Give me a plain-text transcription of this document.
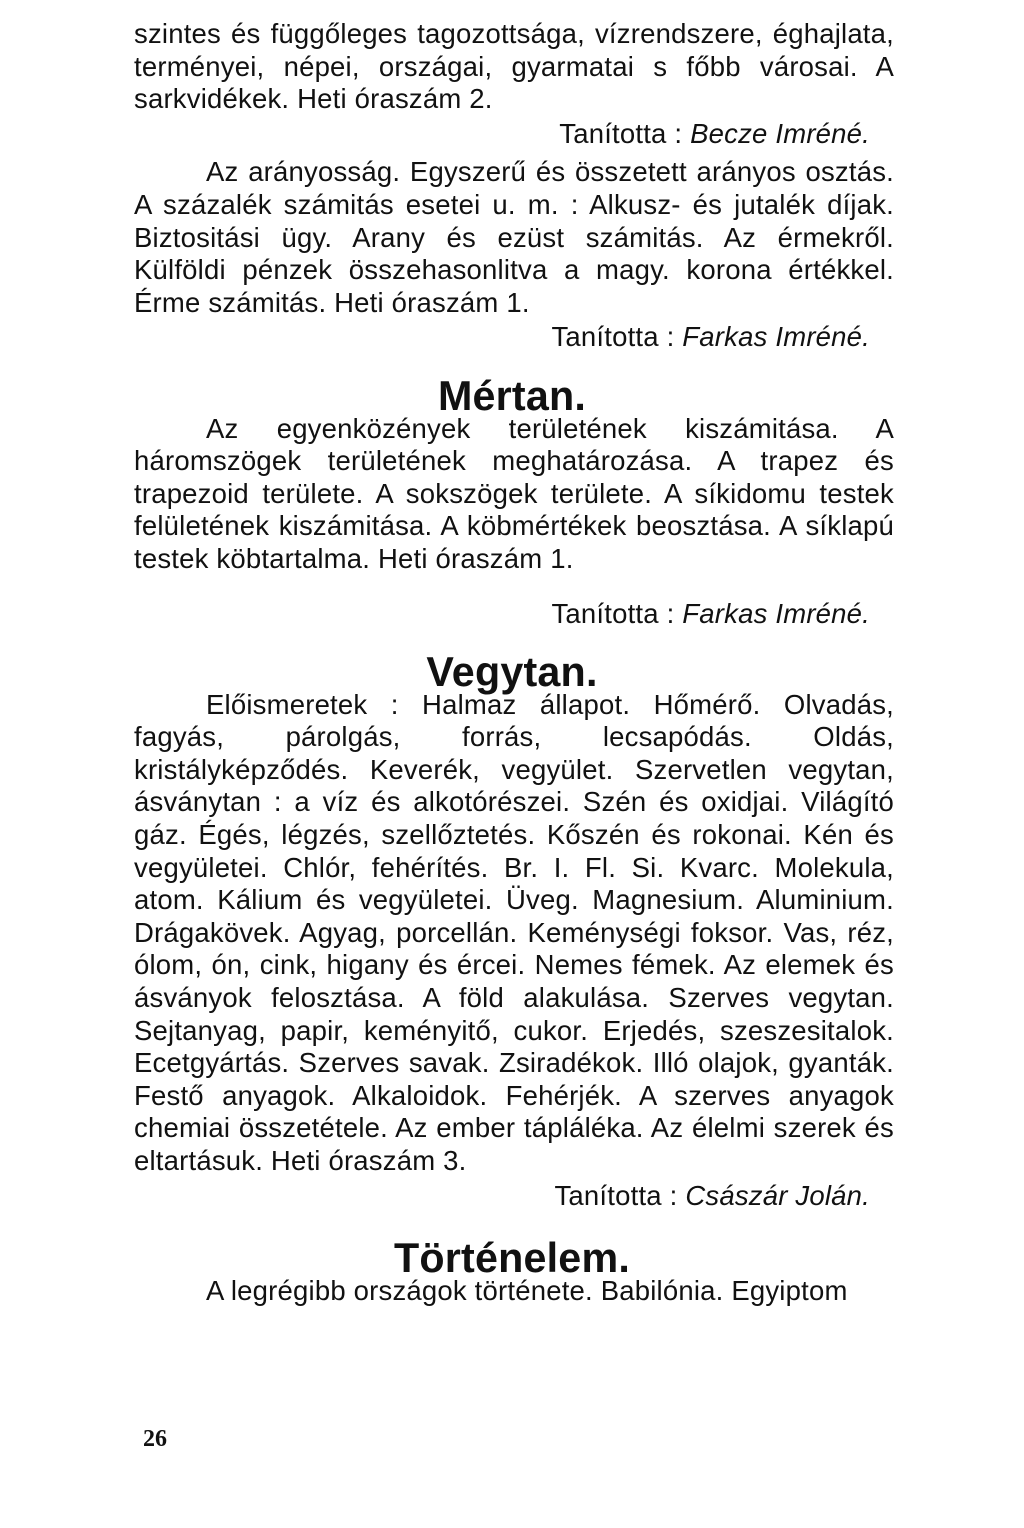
szintes és függőleges tagozottsága, vízrendszere, éghajlata, terményei, népei, országai, gyarmatai s főbb városai. A sarkvidékek. Heti óraszám 2.

Tanította : Becze Imréné.

Az arányosság. Egyszerű és összetett arányos osztás. A százalék számitás esetei u. m. : Alkusz- és jutalék díjak. Biztositási ügy. Arany és ezüst számitás. Az érmekről. Külföldi pénzek összehasonlitva a magy. korona értékkel. Érme számitás. Heti óraszám 1.

Tanította : Farkas Imréné.

Mértan.

Az egyenközények területének kiszámitása. A háromszögek területének meghatározása. A trapez és trapezoid területe. A sokszögek területe. A síkidomu testek felületének kiszámitása. A köbmértékek beosztása. A síklapú testek köbtartalma. Heti óraszám 1.

Tanította : Farkas Imréné.

Vegytan.

Előismeretek : Halmaz állapot. Hőmérő. Olvadás, fagyás, párolgás, forrás, lecsapódás. Oldás, kristályképződés. Keverék, vegyület. Szervetlen vegytan, ásványtan : a víz és alkotórészei. Szén és oxidjai. Világító gáz. Égés, légzés, szellőztetés. Kőszén és rokonai. Kén és vegyületei. Chlór, fehérítés. Br. I. Fl. Si. Kvarc. Molekula, atom. Kálium és vegyületei. Üveg. Magnesium. Aluminium. Drágakövek. Agyag, porcellán. Keménységi foksor. Vas, réz, ólom, ón, cink, higany és ércei. Nemes fémek. Az elemek és ásványok felosztása. A föld alakulása. Szerves vegytan. Sejtanyag, papir, keményitő, cukor. Erjedés, szeszesitalok. Ecetgyártás. Szerves savak. Zsiradékok. Illó olajok, gyanták. Festő anyagok. Alkaloidok. Fehérjék. A szerves anyagok chemiai összetétele. Az ember tápláléka. Az élelmi szerek és eltartásuk. Heti óraszám 3.

Tanította : Császár Jolán.

Történelem.

A legrégibb országok története. Babilónia. Egyiptom

26
